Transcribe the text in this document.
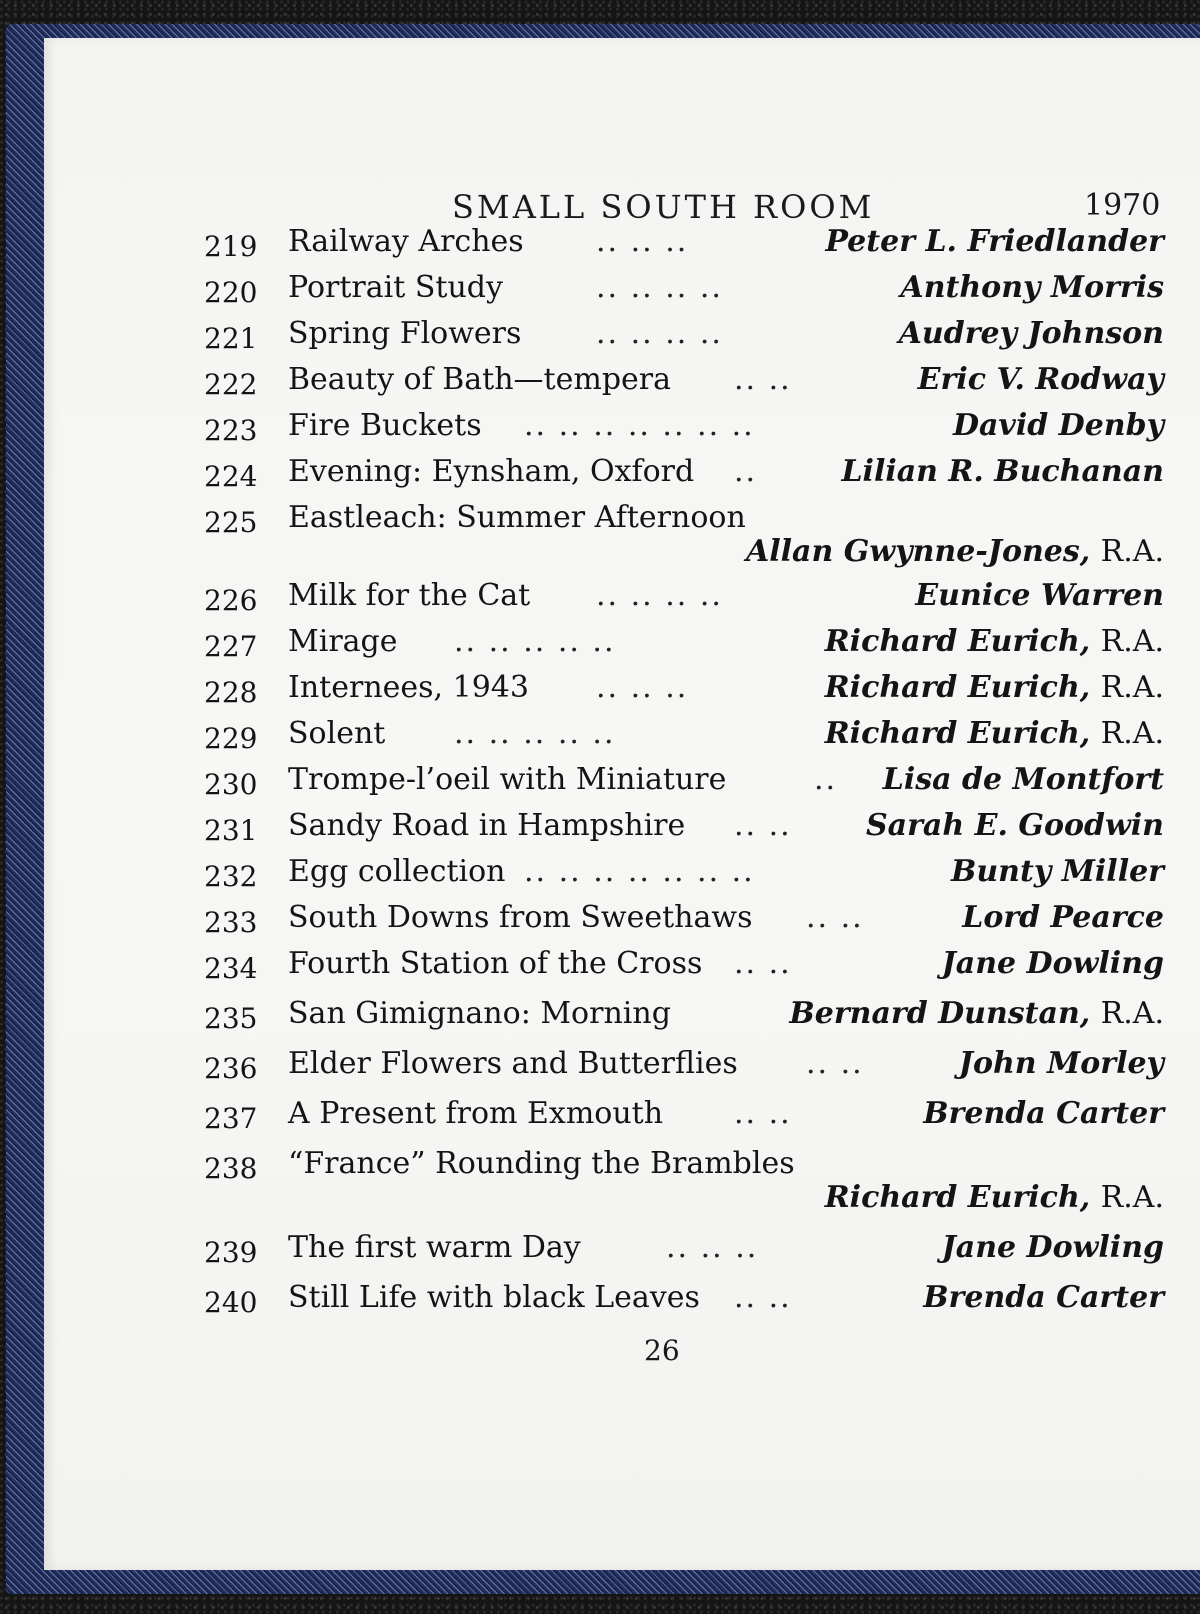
SMALL SOUTH ROOM	1970
219 Railway Arches .. .. ..	Peter L. Friedlander
220 Portrait Study	.. .. .. ..	Anthony Morris
221 Spring Flowers .. .. .. ..	Audrey Johnson
222 Beauty of Bath—tempera .. ..	Eric V. Rodway
223 Fire Buckets .. .. .. .. .. .. ..	David Denby
224 Evening: Eynsham, Oxford ..	Lilian R. Buchanan
225 Eastleach: Summer Afternoon
Allan Gwynne-Jones, R.A.
226 Milk for the Cat .. .. .. ..	Eunice Warren
227 Mirage .. .. .. .. ..	Richard Eurich, R.A.
228 Internees, 1943 .. .. ..	Richard Eurich, R.A.
229 Solent .. .. .. .. ..	Richard Eurich, R.A.
230 Trompe-l’oeil with Miniature	.. Lisa de Montfort
231 Sandy Road in Hampshire .. .. Sarah E. Goodwin
232 Egg collection .. .. .. .. .. .. ..	Bunty Miller
233 South Downs from Sweethaws .. ..	Lord Pearce
234 Fourth Station of the Cross .. ..	Jane Dowling
235 San Gimignano: Morning	Bernard Dunstan, R.A.
236 Elder Flowers and Butterflies .. ..	John Morley
237 A Present from Exmouth .. ..	Brenda Carter
238 “France” Rounding the Brambles
Richard Eurich, R.A.
239 The first warm Day	.. .. ..	Jane Dowling
240 Still Life with black Leaves .. ..	Brenda Carter
26
